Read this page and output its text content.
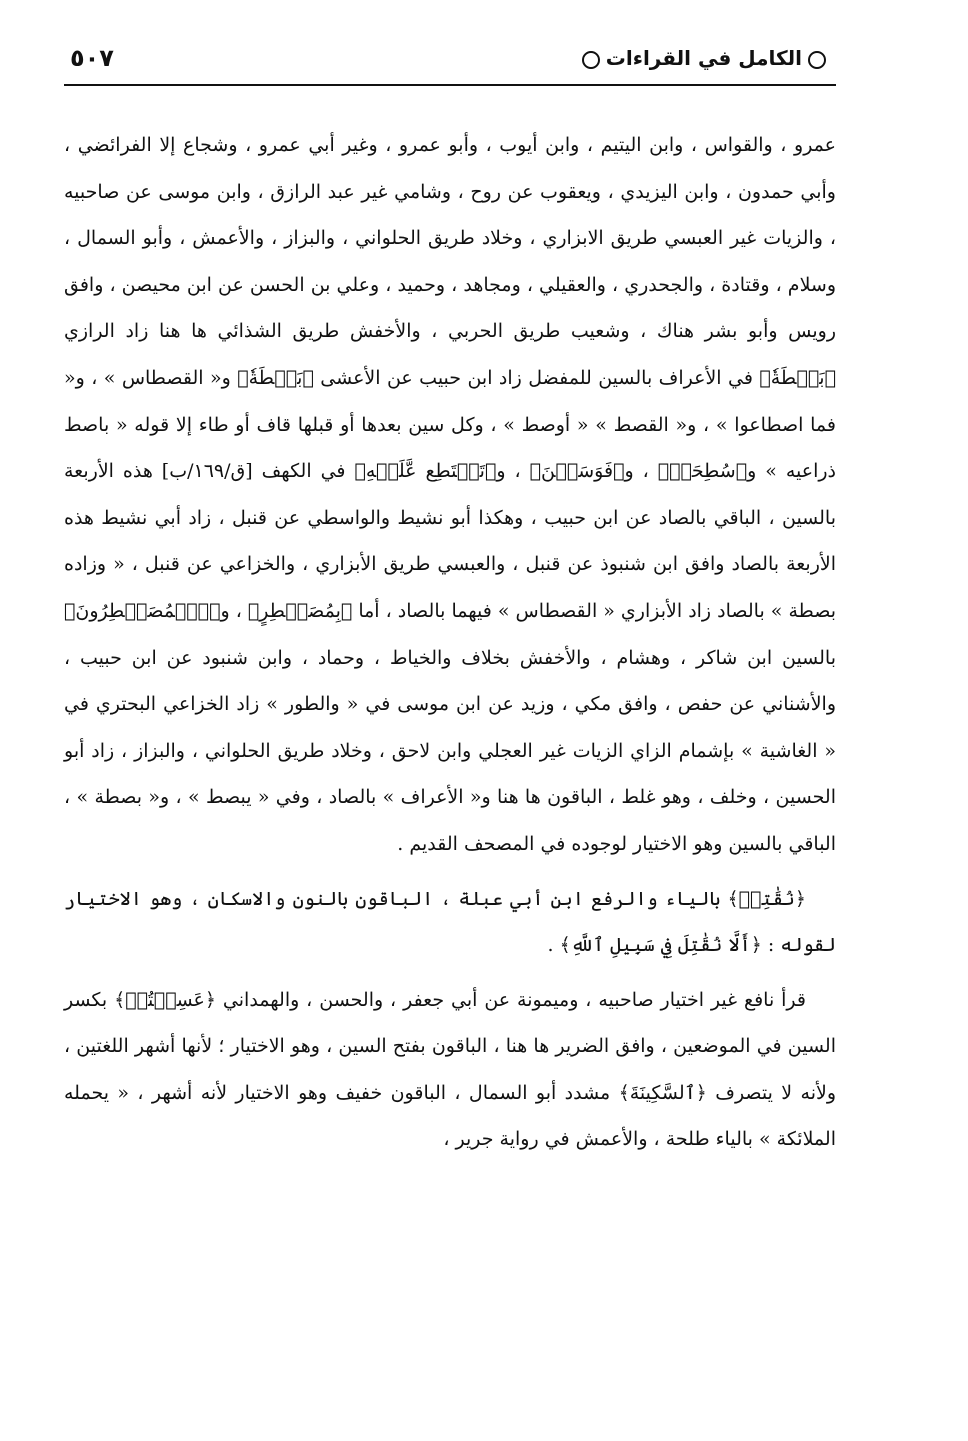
٥٠٧	الكامل في القراءات

عمرو ، والقواس ، وابن اليتيم ، وابن أيوب ، وأبو عمرو ، وغير أبي عمرو ، وشجاع إلا الفرائضي ، وأبي حمدون ، وابن اليزيدي ، ويعقوب عن روح ، وشامي غير عبد الرازق ، وابن موسى عن صاحبيه ، والزيات غير العبسي طريق الابزاري ، وخلاد طريق الحلواني ، والبزاز ، والأعمش ، وأبو السمال ، وسلام ، وقتادة ، والجحدري ، والعقيلي ، ومجاهد ، وحميد ، وعلي بن الحسن عن ابن محيصن ، وافق رويس وأبو بشر هناك ، وشعيب طريق الحربي ، والأخفش طريق الشذائي ها هنا زاد الرازي ﴿بَسۡطَةٗ﴾ في الأعراف بالسين للمفضل زاد ابن حبيب عن الأعشى ﴿بَسۡطَةٗ﴾ و« القصطاس » ، و« فما اصطاعوا » ، و« القصط » « أوصط » ، وكل سين بعدها أو قبلها قاف أو طاء إلا قوله « باصط ذراعيه » و﴿سُطِحَتۡ﴾ ، و﴿فَوَسَطۡنَ﴾ ، و﴿تَسۡتَطِع عَّلَيۡهِ﴾ في الكهف [ق/١٦٩/ب] هذه الأربعة بالسين ، الباقي بالصاد عن ابن حبيب ، وهكذا أبو نشيط والواسطي عن قنبل ، زاد أبي نشيط هذه الأربعة بالصاد وافق ابن شنبوذ عن قنبل ، والعبسي طريق الأبزاري ، والخزاعي عن قنبل ، « وزاده بصطة » بالصاد زاد الأبزاري « القصطاس » فيهما بالصاد ، أما ﴿بِمُصَيۡطِرٍ﴾ ، و﴿ٱلۡمُصَيۡطِرُونَ﴾ بالسين ابن شاكر ، وهشام ، والأخفش بخلاف والخياط ، وحماد ، وابن شنبود عن ابن حبيب ، والأشناني عن حفص ، وافق مكي ، وزيد عن ابن موسى في « والطور » زاد الخزاعي البحتري في « الغاشية » بإشمام الزاي الزيات غير العجلي وابن لاحق ، وخلاد طريق الحلواني ، والبزاز ، زاد أبو الحسين ، وخلف ، وهو غلط ، الباقون ها هنا و« الأعراف » بالصاد ، وفي « يبصط » ، و« بصطة » ، الباقي بالسين وهو الاختيار لوجوده في المصحف القديم .

﴿نُقَٰتِلۡ﴾ بالياء والرفع ابن أبي عبلة ، الباقون بالنون والاسكان ، وهو الاختيار لقوله : ﴿أَلَّا نُقَٰتِلَ فِي سَبِيلِ ٱللَّهِ﴾ .

قرأ نافع غير اختيار صاحبيه ، وميمونة عن أبي جعفر ، والحسن ، والهمداني ﴿عَسِيۡتُمۡ﴾ بكسر السين في الموضعين ، وافق الضرير ها هنا ، الباقون بفتح السين ، وهو الاختيار ؛ لأنها أشهر اللغتين ، ولأنه لا يتصرف ﴿ٱلسَّكِينَةَ﴾ مشدد أبو السمال ، الباقون خفيف وهو الاختيار لأنه أشهر ، « يحمله الملائكة » بالياء طلحة ، والأعمش في رواية جرير ،
